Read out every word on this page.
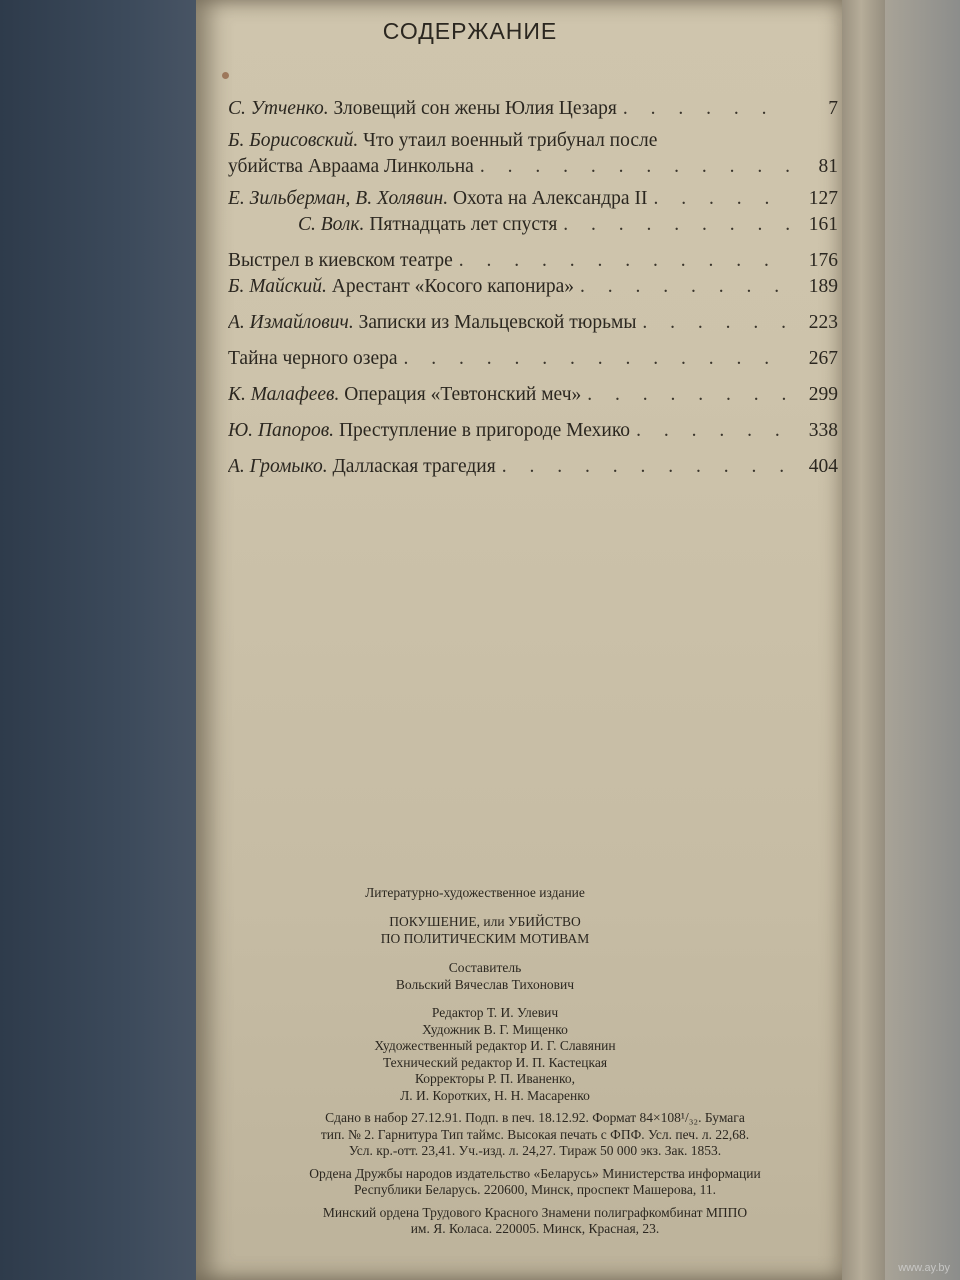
СОДЕРЖАНИЕ
С. Утченко. Зловещий сон жены Юлия Цезаря . . .	7
Б. Борисовский. Что утаил военный трибунал после
убийства Авраама Линкольна . . .	81
Е. Зильберман, В. Холявин. Охота на Александра II . . .	127
С. Волк. Пятнадцать лет спустя . . .	161
Выстрел в киевском театре . . .	176
Б. Майский. Арестант «Косого капонира» . . .	189
А. Измайлович. Записки из Мальцевской тюрьмы . . .	223
Тайна черного озера . . .	267
К. Малафеев. Операция «Тевтонский меч» . . .	299
Ю. Папоров. Преступление в пригороде Мехико . . .	338
А. Громыко. Даллаская трагедия . . .	404
Литературно-художественное издание
ПОКУШЕНИЕ, или УБИЙСТВО
ПО ПОЛИТИЧЕСКИМ МОТИВАМ
Составитель
Вольский Вячеслав Тихонович
Редактор Т. И. Улевич
Художник В. Г. Мищенко
Художественный редактор И. Г. Славянин
Технический редактор И. П. Кастецкая
Корректоры Р. П. Иваненко,
Л. И. Коротких, Н. Н. Масаренко
Сдано в набор 27.12.91. Подп. в печ. 18.12.92. Формат 84×108¹/₃₂. Бумага
тип. № 2. Гарнитура Тип таймс. Высокая печать с ФПФ. Усл. печ. л. 22,68.
Усл. кр.-отт. 23,41. Уч.-изд. л. 24,27. Тираж 50 000 экз. Зак. 1853.
Ордена Дружбы народов издательство «Беларусь» Министерства информации
Республики Беларусь. 220600, Минск, проспект Машерова, 11.
Минский ордена Трудового Красного Знамени полиграфкомбинат МППО
им. Я. Коласа. 220005. Минск, Красная, 23.
www.ay.by
